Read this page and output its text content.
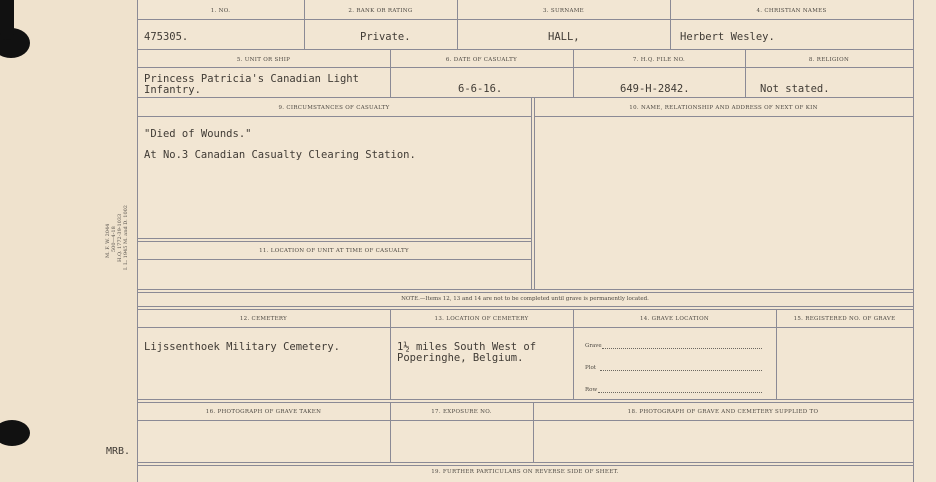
M. F. W. 2044 500—4-18 H.Q. 1772-39-1033 I. L. 1945 M. and D. 1002
MRB.
1. NO.	2. RANK OR RATING	3. SURNAME	4. CHRISTIAN NAMES
475305.	Private.	HALL,	Herbert Wesley.
5. UNIT OR SHIP	6. DATE OF CASUALTY	7. H.Q. FILE NO.	8. RELIGION
Princess Patricia's Canadian Light
Infantry.	6-6-16.	649-H-2842.	Not stated.
9. CIRCUMSTANCES OF CASUALTY	10. NAME, RELATIONSHIP AND ADDRESS OF NEXT OF KIN
"Died of Wounds."
At No.3 Canadian Casualty Clearing Station.
11. LOCATION OF UNIT AT TIME OF CASUALTY
NOTE.—Items 12, 13 and 14 are not to be completed until grave is permanently located.
12. CEMETERY	13. LOCATION OF CEMETERY	14. GRAVE LOCATION	15. REGISTERED NO. OF GRAVE
Lijssenthoek Military Cemetery.	1½ miles South West of
Poperinghe, Belgium.
Grave
Plot
Row
16. PHOTOGRAPH OF GRAVE TAKEN	17. EXPOSURE NO.	18. PHOTOGRAPH OF GRAVE AND CEMETERY SUPPLIED TO
19. FURTHER PARTICULARS ON REVERSE SIDE OF SHEET.
